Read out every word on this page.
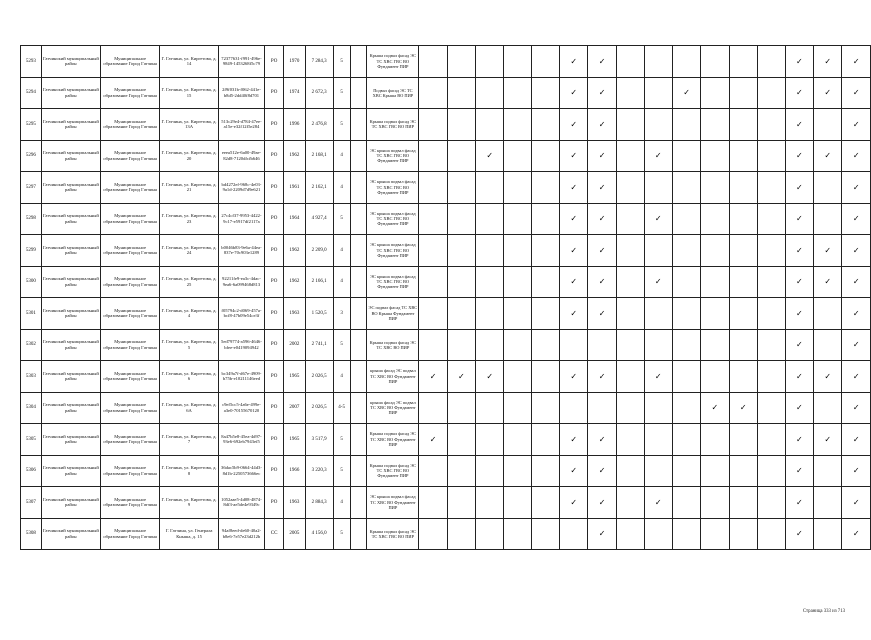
5293	Гатчинский муниципальный район	Муниципальное образование Город Гатчина	Г. Гатчина, ул. Киргетова, д. 14	72377631-f991-496e-9849-1453268f5c79	РО	1970	7 284,3	5		Крыша подвал фасад ЭС ТС ХВС ГВС ВО Фундамент ПИР						✓	✓							✓	✓	✓
5294	Гатчинский муниципальный район	Муниципальное образование Город Гатчина	Г. Гатчина, ул. Киргетова, д. 15	2f9f031b-f062-441e-b8d5-2dd40f8d701	РО	1974	2 672,3	5		Подвал фасад ЭС ТС ХВС Крыша ВО ПИР						✓	✓			✓				✓	✓	✓
5295	Гатчинский муниципальный район	Муниципальное образование Город Гатчина	Г. Гатчина, ул. Киргетова, д. 13А	513c29e4-d784-47ee-a15e-e32f12f5e284	РО	1996	2 476,8	5		Крыша подвал фасад ЭС ТС ХВС ГВС ВО ПИР						✓	✓							✓		✓
5296	Гатчинский муниципальный район	Муниципальное образование Город Гатчина	Г. Гатчина, ул. Киргетова, д. 20	eeea512e-6a00-49ae-82d8-7120dfcfb646	РО	1962	2 168,1	4		ЭС крыша подвал фасад ТС ХВС ГВС ВО Фундамент ПИР			✓			✓	✓		✓					✓	✓	✓
5297	Гатчинский муниципальный район	Муниципальное образование Город Гатчина	Г. Гатчина, ул. Киргетова, д. 21	bd4272ef-968c-4e03-9a1d-2209d7d9e621	РО	1961	2 162,1	4		ЭС крыша подвал фасад ТС ХВС ГВС ВО Фундамент ПИР						✓	✓							✓		✓
5298	Гатчинский муниципальный район	Муниципальное образование Город Гатчина	Г. Гатчина, ул. Киргетова, д. 23	27c4cf37-9953-4422-9c17-e5917df2117a	РО	1964	4 927,4	5		ЭС крыша подвал фасад ТС ХВС ГВС ВО Фундамент ПИР						✓	✓		✓					✓		✓
5299	Гатчинский муниципальный район	Муниципальное образование Город Гатчина	Г. Гатчина, ул. Киргетова, д. 24	b0046b83-9e6a-44ea-837e-70c903e1289	РО	1962	2 209,0	4		ЭС крыша подвал фасад ТС ХВС ГВС ВО Фундамент ПИР						✓	✓							✓	✓	✓
5300	Гатчинский муниципальный район	Муниципальное образование Город Гатчина	Г. Гатчина, ул. Киргетова, д. 25	92211fe9-ea3c-4dac-9ea6-6a099468d813	РО	1962	2 166,1	4		ЭС крыша подвал фасад ТС ХВС ГВС ВО Фундамент ПИР						✓	✓		✓					✓	✓	✓
5301	Гатчинский муниципальный район	Муниципальное образование Город Гатчина	Г. Гатчина, ул. Киргетова, д. 4	f05794c2-d069-457a-bcf8-47b09e54ce3f	РО	1963	1 520,5	3		ЭС подвал фасад ТС ХВС ВО Крыша Фундамент ПИР						✓	✓							✓		✓
5302	Гатчинский муниципальный район	Муниципальное образование Город Гатчина	Г. Гатчина, ул. Киргетова, д. 5	5ed79774-a596-4646-bfee-e0419094942	РО	2002	2 741,1	5		Крыша подвал фасад ЭС ТС ХВС ВО ПИР														✓		✓
5303	Гатчинский муниципальный район	Муниципальное образование Город Гатчина	Г. Гатчина, ул. Киргетова, д. 6	bc349a7f-d67e-4909-b75b-e10211146eed	РО	1965	2 026,5	4		крыша фасад ЭС подвал ТС ХВС ВО Фундамент ПИР	✓	✓	✓			✓	✓		✓					✓	✓	✓
5304	Гатчинский муниципальный район	Муниципальное образование Город Гатчина	Г. Гатчина, ул. Киргетова, д. 6А	c9ef5cc5-4a6e-499e-a3e0-70155670120	РО	2007	2 026,5	4-5		крыша фасад ЭС подвал ТС ХВС ВО Фундамент ПИР											✓	✓		✓		✓
5305	Гатчинский муниципальный район	Муниципальное образование Город Гатчина	Г. Гатчина, ул. Киргетова, д. 7	8a47b5e8-45ea-4d97-93e6-692eb7943ef5	РО	1965	3 517,9	5		Крыша подвал фасад ЭС ТС ХВС ВО Фундамент ПИР	✓					✓	✓							✓	✓	✓
5306	Гатчинский муниципальный район	Муниципальное образование Город Гатчина	Г. Гатчина, ул. Киргетова, д. 8	36dac5b9-0664-44d3-8d1b-2250573666ec	РО	1966	3 220,3	5		Крыша подвал фасад ЭС ТС ХВС ГВС ВО Фундамент ПИР						✓	✓							✓		✓
5307	Гатчинский муниципальный район	Муниципальное образование Город Гатчина	Г. Гатчина, ул. Киргетова, д. 9	1052aae5-4d08-4874-8df3-ae5de4e9349c	РО	1963	2 884,3	4		ЭС крыша подвал фасад ТС ХВС ВО Фундамент ПИР						✓	✓		✓					✓		✓
5308	Гатчинский муниципальный район	Муниципальное образование Город Гатчина	Г. Гатчина, ул. Генерала Кныша, д. 15	94af8eed-de60-40a2-b8e6-7e57e23d212b	СС	2005	4 156,0	5		Крыша подвал фасад ЭС ТС ХВС ГВС ВО ПИР							✓							✓		✓
Страница 333 из 713
